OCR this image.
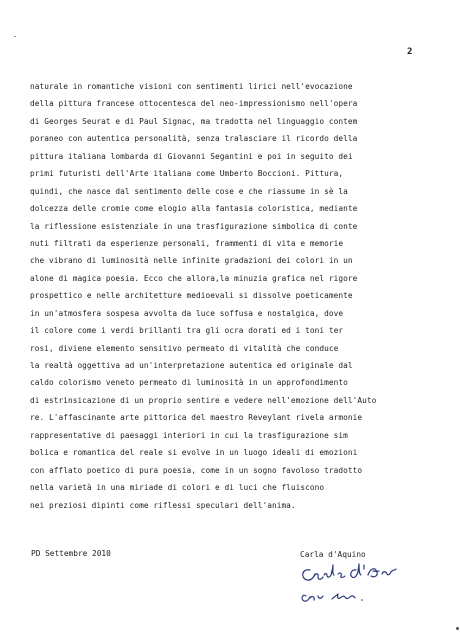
2
naturale in romantiche visioni con sentimenti lirici nell'evocazione
della pittura francese ottocentesca del neo-impressionismo nell'opera
di Georges Seurat e di Paul Signac, ma tradotta nel linguaggio contem
poraneo con autentica personalità, senza tralasciare il ricordo della
pittura italiana lombarda di Giovanni Segantini e poi in seguito dei
primi futuristi dell'Arte italiana come Umberto Boccioni. Pittura,
quindi, che nasce dal sentimento delle cose e che riassume in sè la
dolcezza delle cromie come elogio alla fantasia coloristica, mediante
la riflessione esistenziale in una trasfigurazione simbolica di conte
nuti filtrati da esperienze personali, frammenti di vita e memorie
che vibrano di luminosità nelle infinite gradazioni dei colori in un
alone di magica poesia. Ecco che allora,la minuzia grafica nel rigore
prospettico e nelle architetture medioevali si dissolve poeticamente
in un'atmosfera sospesa avvolta da luce soffusa e nostalgica, dove
il colore come i verdi brillanti tra gli ocra dorati ed i toni ter
rosi, diviene elemento sensitivo permeato di vitalità che conduce
la realtà oggettiva ad un'interpretazione autentica ed originale dal
caldo colorismo veneto permeato di luminosità in un approfondimento
di estrinsicazione di un proprio sentire e vedere nell'emozione dell'Auto
re. L'affascinante arte pittorica del maestro Reveylant rivela armonie
rappresentative di paesaggi interiori in cui la trasfigurazione sim
bolica e romantica del reale si evolve in un luogo ideali di emozioni
con afflato poetico di pura poesia, come in un sogno favoloso tradotto
nella varietà in una miriade di colori e di luci che fluiscono
nei preziosi dipinti come riflessi speculari dell'anima.
PD Settembre 2010	Carla d'Aquino
